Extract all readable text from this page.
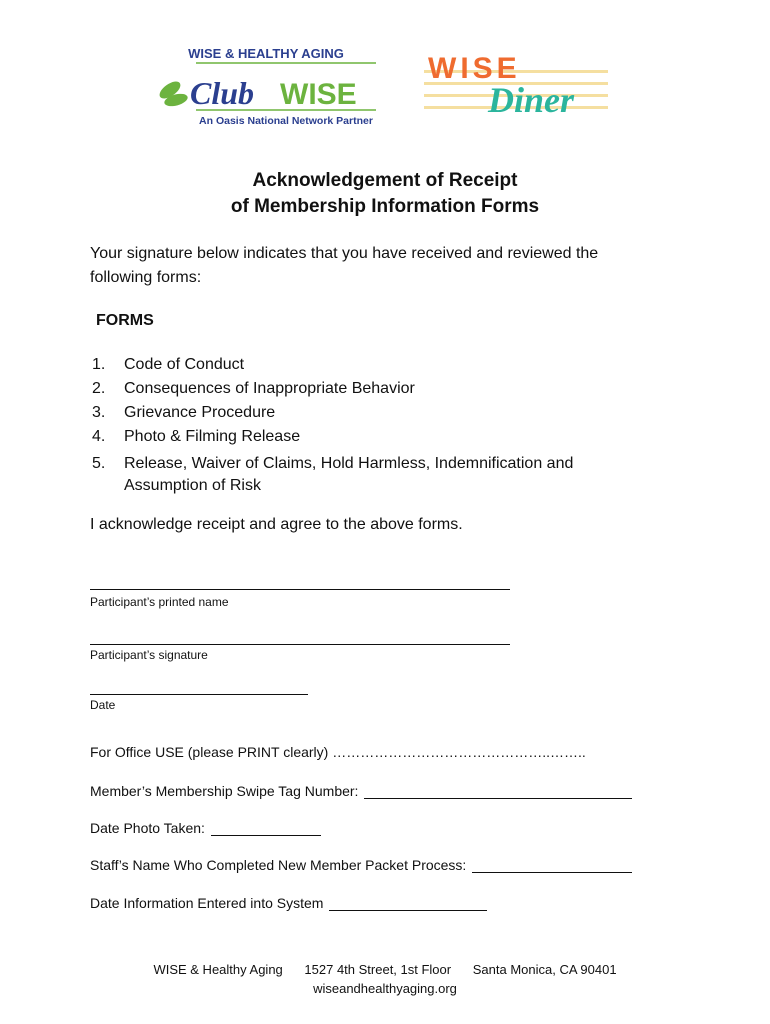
WISE & HEALTHY AGING
Club WISE
An Oasis National Network Partner
WISE
Diner
Acknowledgement of Receipt
of Membership Information Forms
Your signature below indicates that you have received and reviewed the
following forms:
FORMS
1. Code of Conduct
2. Consequences of Inappropriate Behavior
3. Grievance Procedure
4. Photo & Filming Release
5. Release, Waiver of Claims, Hold Harmless, Indemnification and
Assumption of Risk
I acknowledge receipt and agree to the above forms.
Participant’s printed name
Participant’s signature
Date
For Office USE (please PRINT clearly) ………………………………………..……..
Member’s Membership Swipe Tag Number:
Date Photo Taken:
Staff’s Name Who Completed New Member Packet Process:
Date Information Entered into System
WISE & Healthy Aging 1527 4th Street, 1st Floor Santa Monica, CA 90401
wiseandhealthyaging.org
